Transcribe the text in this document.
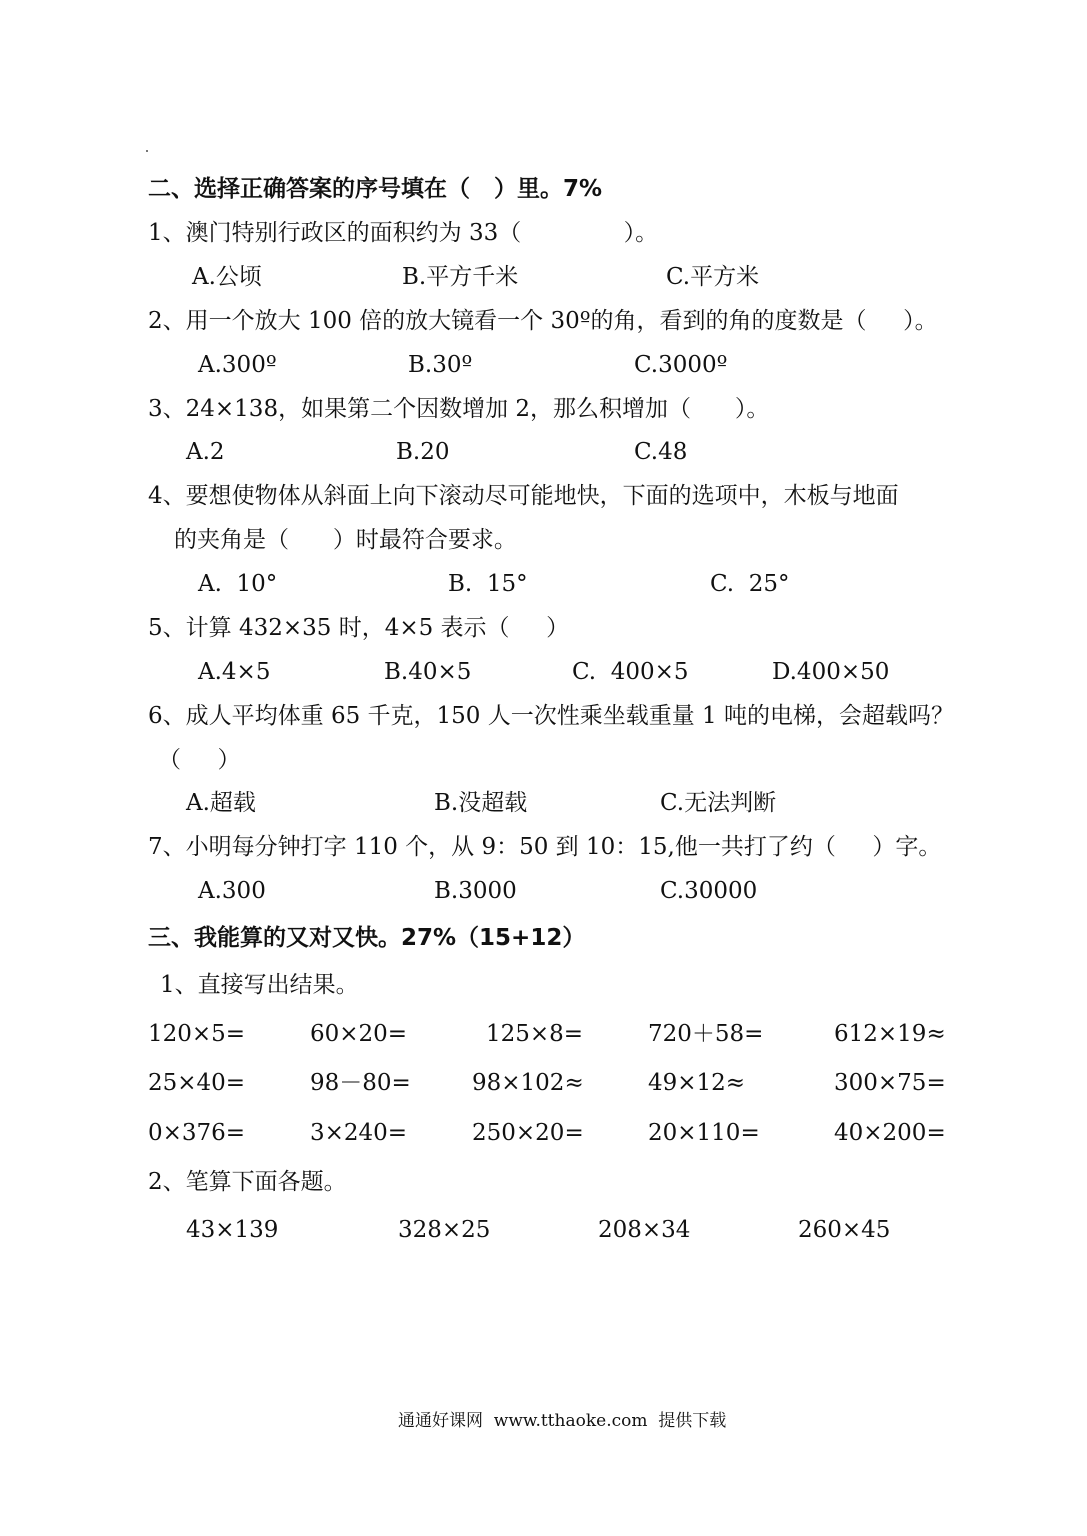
二、选择正确答案的序号填在（   ）里。7%
1、澳门特别行政区的面积约为 33（              ）。
A.公顷	B.平方千米	C.平方米
2、用一个放大 100 倍的放大镜看一个 30º的角，看到的角的度数是（     ）。
A.300º	B.30º	C.3000º
3、24×138，如果第二个因数增加 2，那么积增加（      ）。
A.2	B.20	C.48
4、要想使物体从斜面上向下滚动尽可能地快，下面的选项中，木板与地面
的夹角是（      ）时最符合要求。
A.  10°	B.  15°	C.  25°
5、计算 432×35 时，4×5 表示（     ）
A.4×5	B.40×5	C.  400×5	D.400×50
6、成人平均体重 65 千克，150 人一次性乘坐载重量 1 吨的电梯，会超载吗？
（     ）
A.超载	B.没超载	C.无法判断
7、小明每分钟打字 110 个，从 9：50 到 10：15,他一共打了约（     ）字。
A.300	B.3000	C.30000
三、我能算的又对又快。27%（15+12）
1、直接写出结果。
120×5=	60×20=	125×8=	720＋58=	612×19≈
25×40=	98－80=	98×102≈	49×12≈	300×75=
0×376=	3×240=	250×20=	20×110=	40×200=
2、笔算下面各题。
43×139	328×25	208×34	260×45
通通好课网  www.tthaoke.com  提供下载
